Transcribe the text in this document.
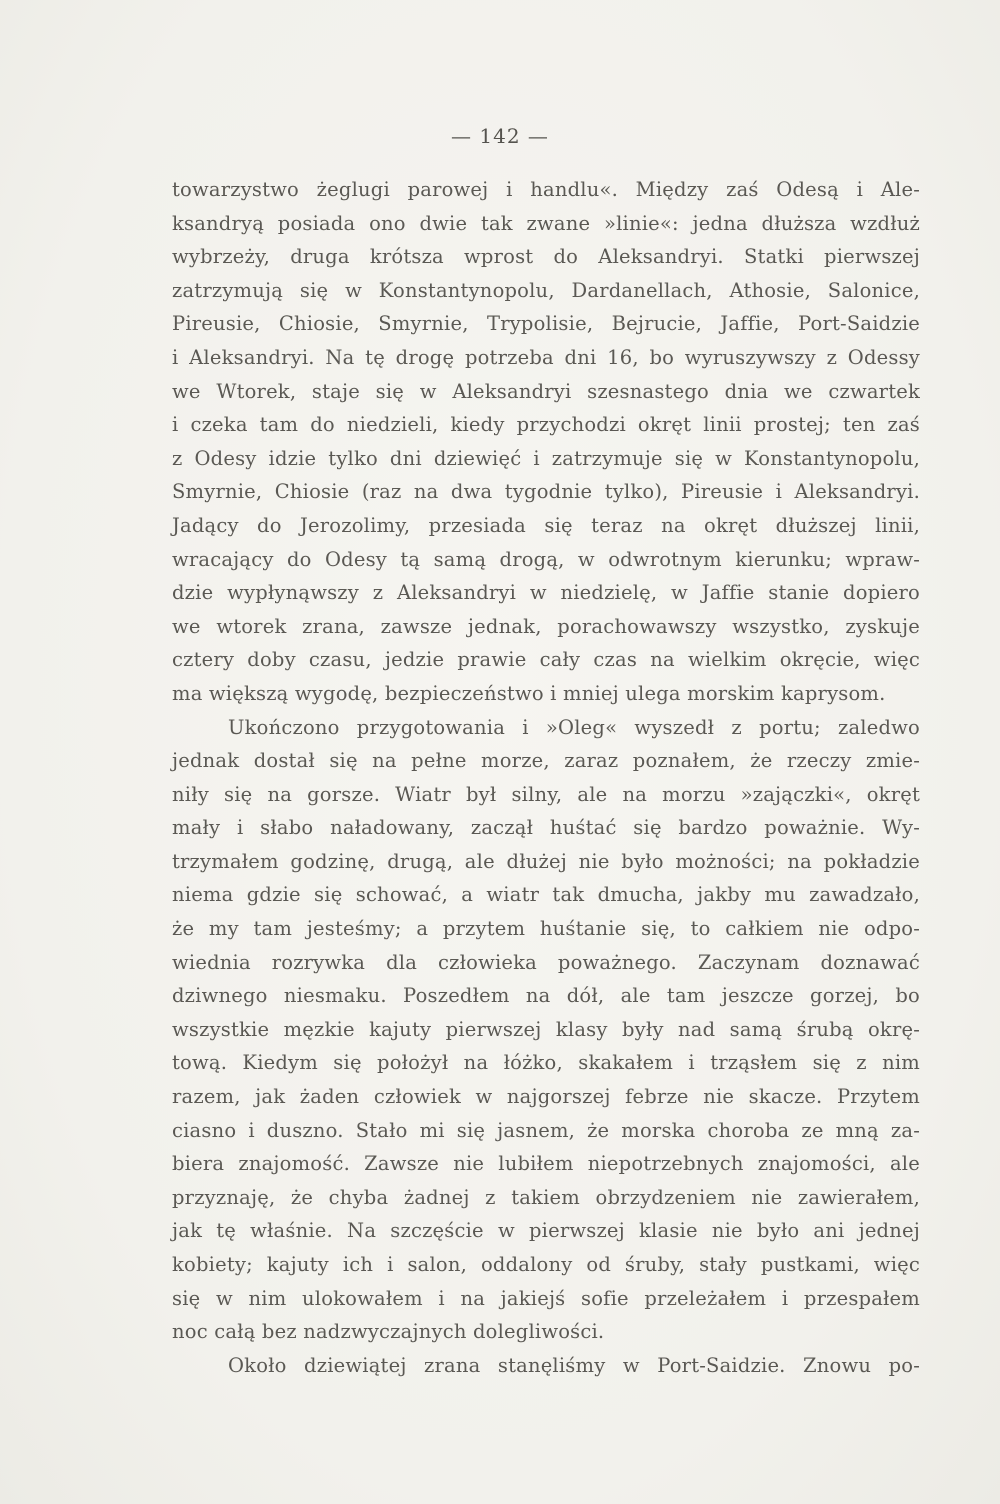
— 142 —
towarzystwo żeglugi parowej i handlu«. Między zaś Odesą i Ale-
ksandryą posiada ono dwie tak zwane »linie«: jedna dłuższa wzdłuż
wybrzeży, druga krótsza wprost do Aleksandryi. Statki pierwszej
zatrzymują się w Konstantynopolu, Dardanellach, Athosie, Salonice,
Pireusie, Chiosie, Smyrnie, Trypolisie, Bejrucie, Jaffie, Port-Saidzie
i Aleksandryi. Na tę drogę potrzeba dni 16, bo wyruszywszy z Odessy
we Wtorek, staje się w Aleksandryi szesnastego dnia we czwartek
i czeka tam do niedzieli, kiedy przychodzi okręt linii prostej; ten zaś
z Odesy idzie tylko dni dziewięć i zatrzymuje się w Konstantynopolu,
Smyrnie, Chiosie (raz na dwa tygodnie tylko), Pireusie i Aleksandryi.
Jadący do Jerozolimy, przesiada się teraz na okręt dłuższej linii,
wracający do Odesy tą samą drogą, w odwrotnym kierunku; wpraw-
dzie wypłynąwszy z Aleksandryi w niedzielę, w Jaffie stanie dopiero
we wtorek zrana, zawsze jednak, porachowawszy wszystko, zyskuje
cztery doby czasu, jedzie prawie cały czas na wielkim okręcie, więc
ma większą wygodę, bezpieczeństwo i mniej ulega morskim kaprysom.
Ukończono przygotowania i »Oleg« wyszedł z portu; zaledwo
jednak dostał się na pełne morze, zaraz poznałem, że rzeczy zmie-
niły się na gorsze. Wiatr był silny, ale na morzu »zajączki«, okręt
mały i słabo naładowany, zaczął huśtać się bardzo poważnie. Wy-
trzymałem godzinę, drugą, ale dłużej nie było możności; na pokładzie
niema gdzie się schować, a wiatr tak dmucha, jakby mu zawadzało,
że my tam jesteśmy; a przytem huśtanie się, to całkiem nie odpo-
wiednia rozrywka dla człowieka poważnego. Zaczynam doznawać
dziwnego niesmaku. Poszedłem na dół, ale tam jeszcze gorzej, bo
wszystkie męzkie kajuty pierwszej klasy były nad samą śrubą okrę-
tową. Kiedym się położył na łóżko, skakałem i trząsłem się z nim
razem, jak żaden człowiek w najgorszej febrze nie skacze. Przytem
ciasno i duszno. Stało mi się jasnem, że morska choroba ze mną za-
biera znajomość. Zawsze nie lubiłem niepotrzebnych znajomości, ale
przyznaję, że chyba żadnej z takiem obrzydzeniem nie zawierałem,
jak tę właśnie. Na szczęście w pierwszej klasie nie było ani jednej
kobiety; kajuty ich i salon, oddalony od śruby, stały pustkami, więc
się w nim ulokowałem i na jakiejś sofie przeleżałem i przespałem
noc całą bez nadzwyczajnych dolegliwości.
Około dziewiątej zrana stanęliśmy w Port-Saidzie. Znowu po-
